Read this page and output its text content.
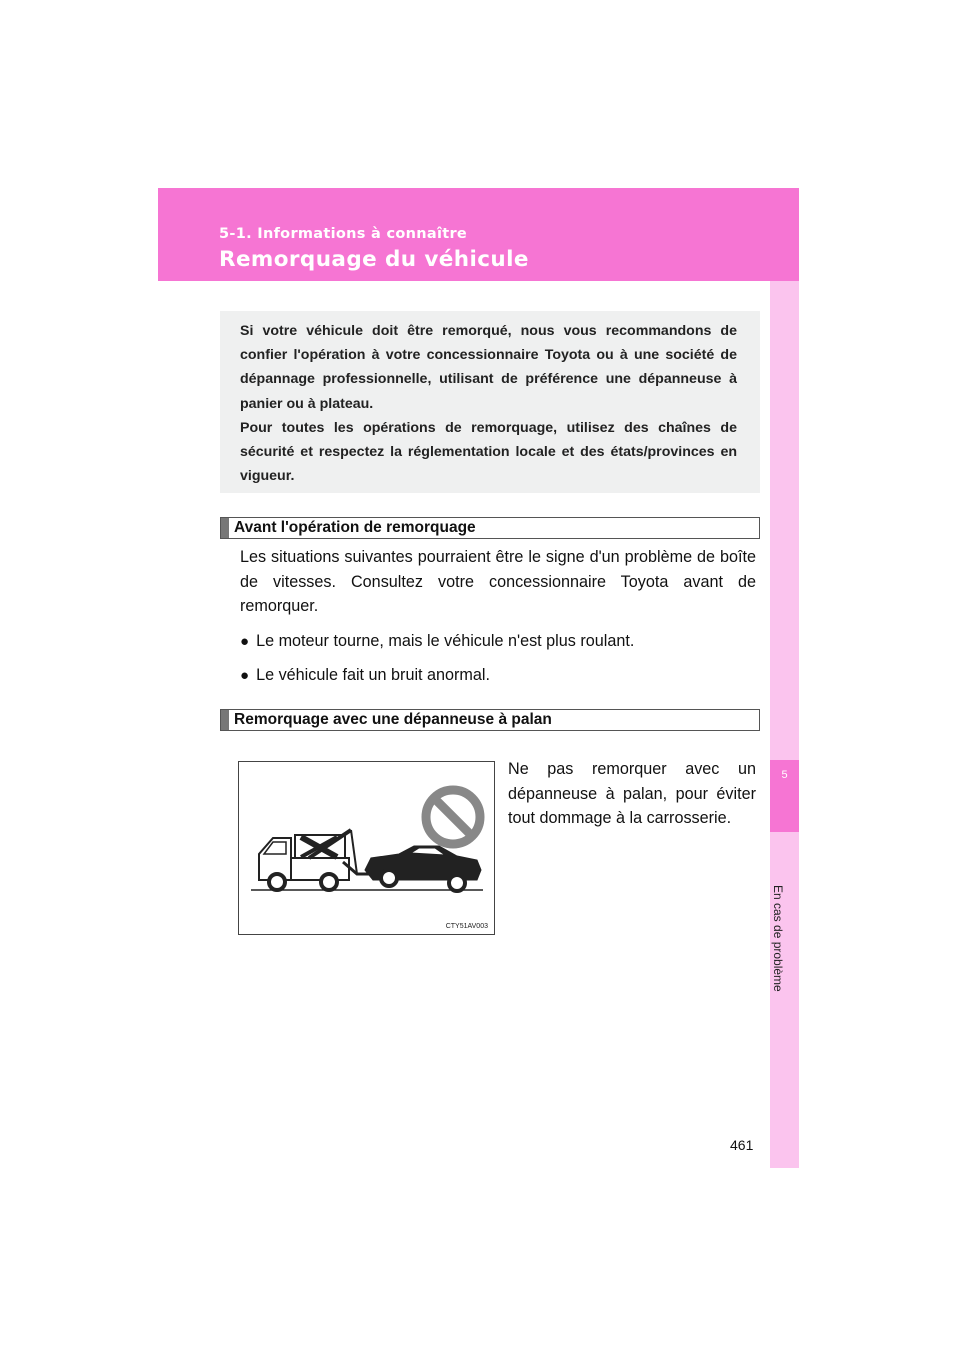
5-1. Informations à connaître
Remorquage du véhicule
5
En cas de problème

Si votre véhicule doit être remorqué, nous vous recommandons de confier l'opération à votre concessionnaire Toyota ou à une société de dépannage professionnelle, utilisant de préférence une dépanneuse à panier ou à plateau.

Pour toutes les opérations de remorquage, utilisez des chaînes de sécurité et respectez la réglementation locale et des états/provinces en vigueur.

Avant l'opération de remorquage
Les situations suivantes pourraient être le signe d'un problème de boîte de vitesses. Consultez votre concessionnaire Toyota avant de remorquer.
● Le moteur tourne, mais le véhicule n'est plus roulant.
● Le véhicule fait un bruit anormal.
Remorquage avec une dépanneuse à palan
CTY51AV003
Ne pas remorquer avec un dépanneuse à palan, pour éviter tout dommage à la carrosserie.
461
